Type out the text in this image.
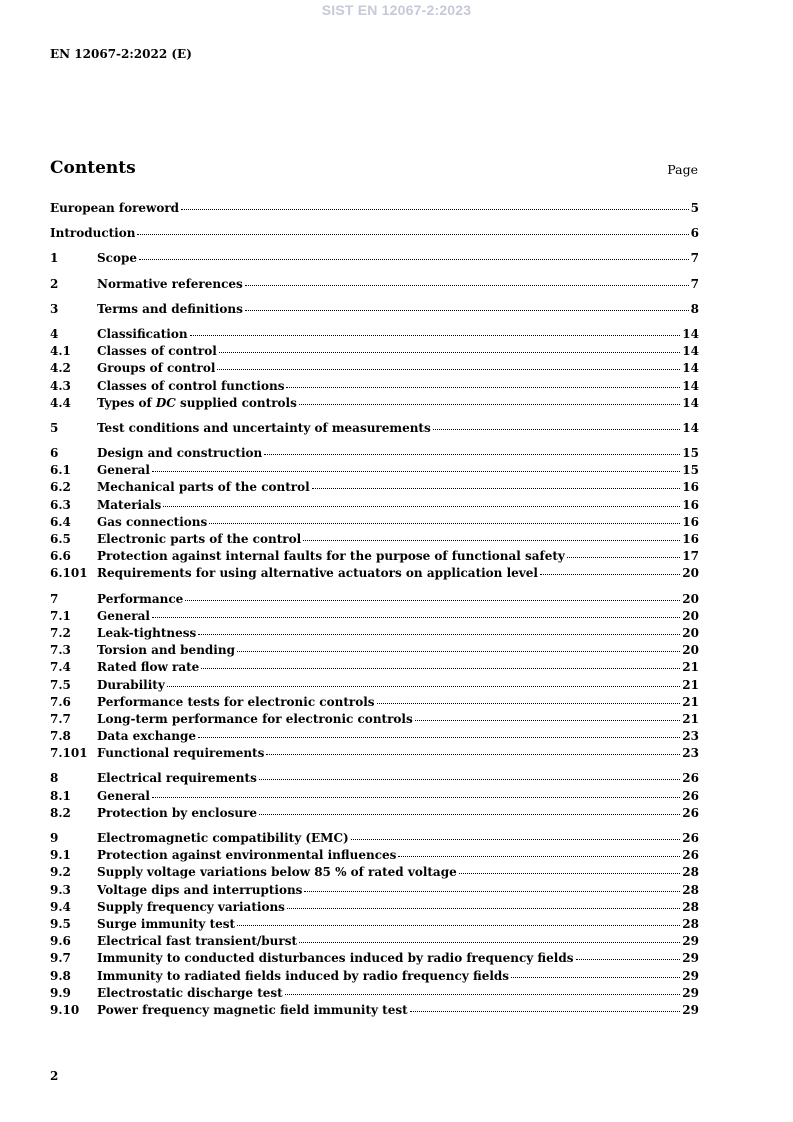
SIST EN 12067-2:2023
EN 12067-2:2022 (E)
Contents	Page
European foreword	5
Introduction	6
1	Scope	7
2	Normative references	7
3	Terms and definitions	8
4	Classification	14
4.1	Classes of control	14
4.2	Groups of control	14
4.3	Classes of control functions	14
4.4	Types of DC supplied controls	14
5	Test conditions and uncertainty of measurements	14
6	Design and construction	15
6.1	General	15
6.2	Mechanical parts of the control	16
6.3	Materials	16
6.4	Gas connections	16
6.5	Electronic parts of the control	16
6.6	Protection against internal faults for the purpose of functional safety	17
6.101 Requirements for using alternative actuators on application level	20
7	Performance	20
7.1	General	20
7.2	Leak-tightness	20
7.3	Torsion and bending	20
7.4	Rated flow rate	21
7.5	Durability	21
7.6	Performance tests for electronic controls	21
7.7	Long-term performance for electronic controls	21
7.8	Data exchange	23
7.101 Functional requirements	23
8	Electrical requirements	26
8.1	General	26
8.2	Protection by enclosure	26
9	Electromagnetic compatibility (EMC)	26
9.1	Protection against environmental influences	26
9.2	Supply voltage variations below 85 % of rated voltage	28
9.3	Voltage dips and interruptions	28
9.4	Supply frequency variations	28
9.5	Surge immunity test	28
9.6	Electrical fast transient/burst	29
9.7	Immunity to conducted disturbances induced by radio frequency fields	29
9.8	Immunity to radiated fields induced by radio frequency fields	29
9.9	Electrostatic discharge test	29
9.10	Power frequency magnetic field immunity test	29
2
